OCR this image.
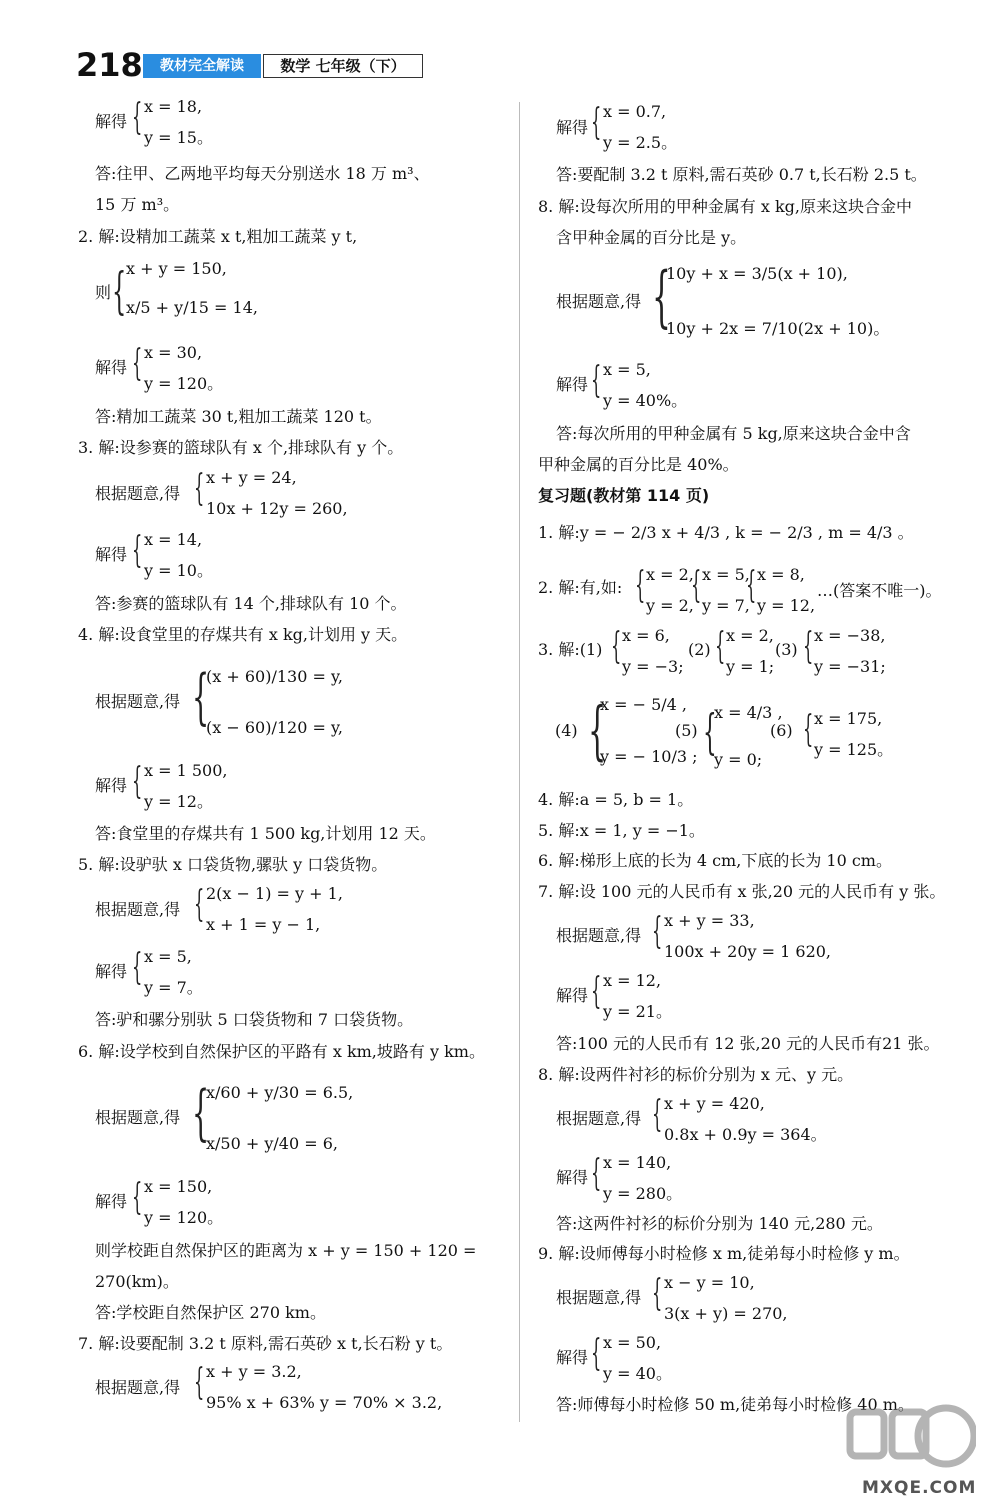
218	教材完全解读	数学 七年级（下）
解得
x = 18,
y = 15。
答:往甲、乙两地平均每天分别送水 18 万 m³、
15 万 m³。
2. 解:设精加工蔬菜 x t,粗加工蔬菜 y t,
则
x + y = 150,
x/5 + y/15 = 14,
解得
x = 30,
y = 120。
答:精加工蔬菜 30 t,粗加工蔬菜 120 t。
3. 解:设参赛的篮球队有 x 个,排球队有 y 个。
根据题意,得
x + y = 24,
10x + 12y = 260,
解得
x = 14,
y = 10。
答:参赛的篮球队有 14 个,排球队有 10 个。
4. 解:设食堂里的存煤共有 x kg,计划用 y 天。
根据题意,得
(x + 60)/130 = y,
(x − 60)/120 = y,
解得
x = 1 500,
y = 12。
答:食堂里的存煤共有 1 500 kg,计划用 12 天。
5. 解:设驴驮 x 口袋货物,骡驮 y 口袋货物。
根据题意,得
2(x − 1) = y + 1,
x + 1 = y − 1,
解得
x = 5,
y = 7。
答:驴和骡分别驮 5 口袋货物和 7 口袋货物。
6. 解:设学校到自然保护区的平路有 x km,坡路有 y km。
根据题意,得
x/60 + y/30 = 6.5,
x/50 + y/40 = 6,
解得
x = 150,
y = 120。
则学校距自然保护区的距离为 x + y = 150 + 120 =
270(km)。
答:学校距自然保护区 270 km。
7. 解:设要配制 3.2 t 原料,需石英砂 x t,长石粉 y t。
根据题意,得
x + y = 3.2,
95% x + 63% y = 70% × 3.2,
解得
x = 0.7,
y = 2.5。
答:要配制 3.2 t 原料,需石英砂 0.7 t,长石粉 2.5 t。
8. 解:设每次所用的甲种金属有 x kg,原来这块合金中
含甲种金属的百分比是 y。
根据题意,得
10y + x = 3/5(x + 10),
10y + 2x = 7/10(2x + 10)。
解得
x = 5,
y = 40%。
答:每次所用的甲种金属有 5 kg,原来这块合金中含
甲种金属的百分比是 40%。
复习题(教材第 114 页)
1. 解:y = − 2/3 x + 4/3 , k = − 2/3 , m = 4/3 。
2. 解:有,如:
x = 2,
y = 2,
x = 5,
y = 7,
x = 8,
y = 12,
…(答案不唯一)。
3. 解:(1)
x = 6,
y = −3;
(2)
x = 2,
y = 1;
(3)
x = −38,
y = −31;
(4)
x = − 5/4 ,
y = − 10/3 ;
(5)
x = 4/3 ,
y = 0;
(6)
x = 175,
y = 125。
4. 解:a = 5, b = 1。
5. 解:x = 1, y = −1。
6. 解:梯形上底的长为 4 cm,下底的长为 10 cm。
7. 解:设 100 元的人民币有 x 张,20 元的人民币有 y 张。
根据题意,得
x + y = 33,
100x + 20y = 1 620,
解得
x = 12,
y = 21。
答:100 元的人民币有 12 张,20 元的人民币有21 张。
8. 解:设两件衬衫的标价分别为 x 元、y 元。
根据题意,得
x + y = 420,
0.8x + 0.9y = 364。
解得
x = 140,
y = 280。
答:这两件衬衫的标价分别为 140 元,280 元。
9. 解:设师傅每小时检修 x m,徒弟每小时检修 y m。
根据题意,得
x − y = 10,
3(x + y) = 270,
解得
x = 50,
y = 40。
答:师傅每小时检修 50 m,徒弟每小时检修 40 m。
{
{
{
{
{
{
{
{
{
{
{
{
{
{
{
{ { {
{	{ {
{ { {
{
{
{
{
{
{
MXQE.COM
